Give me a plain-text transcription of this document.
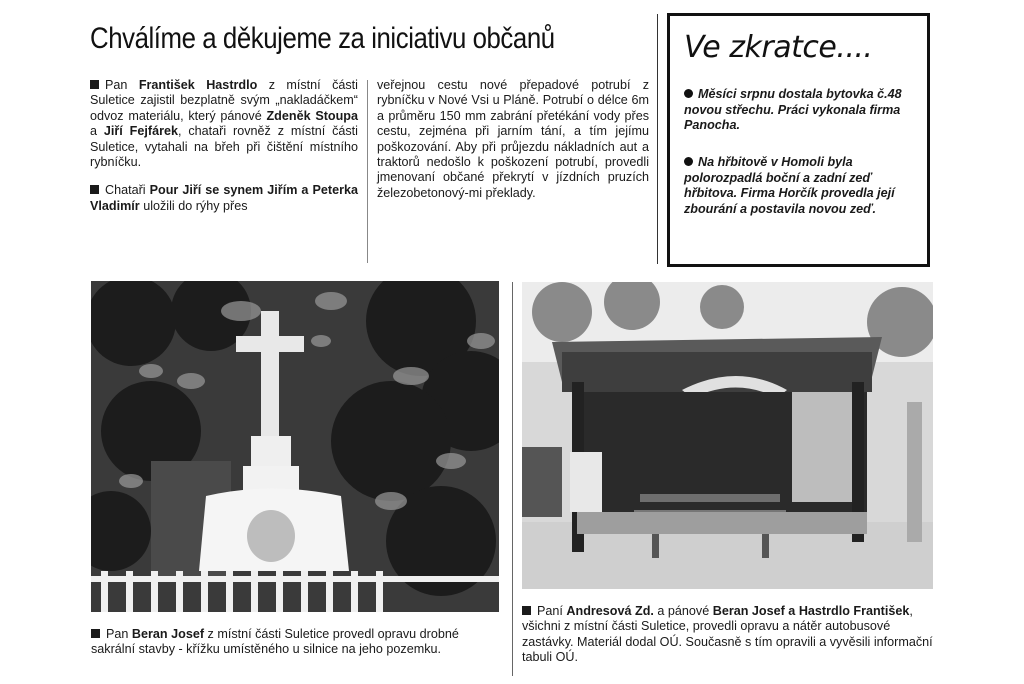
Chválíme a děkujeme za iniciativu občanů

Pan František Hastrdlo z místní části Suletice zajistil bezplatně svým „nakladáčkem“ odvoz materiálu, který pánové Zdeněk Stoupa a Jiří Fejfárek, chataři rovněž z místní části Suletice, vytahali na břeh při čištění místního rybníčku.

Chataři Pour Jiří se synem Jiřím a Peterka Vladimír uložili do rýhy přes

veřejnou cestu nové přepadové potrubí z rybníčku v Nové Vsi u Pláně. Potrubí o délce 6m a průměru 150 mm zabrání přetékání vody přes cestu, zejména při jarním tání, a tím jejímu poškozování. Aby při průjezdu nákladních aut a traktorů nedošlo k poškození potrubí, provedli jmenovaní občané překrytí v jízdních pruzích železobetonový-mi překlady.

Ve zkratce....
Měsíci srpnu dostala bytovka č.48 novou střechu. Práci vykonala firma Panocha.
Na hřbitově v Homoli byla polorozpadlá boční a zadní zeď hřbitova. Firma Horčík provedla její zbourání a postavila novou zeď.
Pan Beran Josef z místní části Suletice provedl opravu drobné sakrální stavby - křížku umístěného u silnice na jeho pozemku.
Paní Andresová Zd. a pánové Beran Josef a Hastrdlo František, všichni z místní části Suletice, provedli opravu a nátěr autobusové zastávky. Materiál dodal OÚ. Současně s tím opravili a vyvěsili informační tabuli OÚ.
